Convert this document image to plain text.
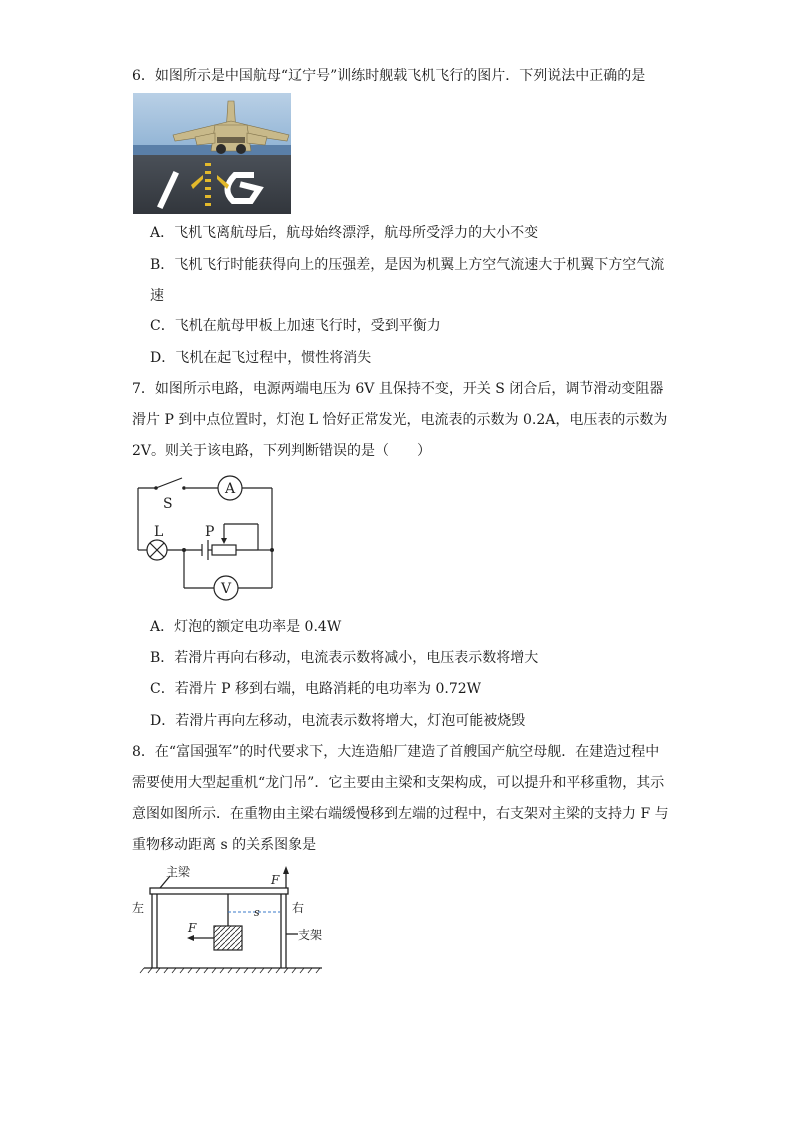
6．如图所示是中国航母“辽宁号”训练时舰载飞机飞行的图片．下列说法中正确的是
A．飞机飞离航母后，航母始终漂浮，航母所受浮力的大小不变
B．飞机飞行时能获得向上的压强差，是因为机翼上方空气流速大于机翼下方空气流
速
C．飞机在航母甲板上加速飞行时，受到平衡力
D．飞机在起飞过程中，惯性将消失
7．如图所示电路，电源两端电压为 6V 且保持不变，开关 S 闭合后，调节滑动变阻器
滑片 P 到中点位置时，灯泡 L 恰好正常发光，电流表的示数为 0.2A，电压表的示数为
2V。则关于该电路，下列判断错误的是（　　）
A
V
S
L	P
A．灯泡的额定电功率是 0.4W
B．若滑片再向右移动，电流表示数将减小，电压表示数将增大
C．若滑片 P 移到右端，电路消耗的电功率为 0.72W
D．若滑片再向左移动，电流表示数将增大，灯泡可能被烧毁
8．在“富国强军”的时代要求下，大连造船厂建造了首艘国产航空母舰．在建造过程中
需要使用大型起重机“龙门吊”．它主要由主梁和支架构成，可以提升和平移重物，其示
意图如图所示．在重物由主梁右端缓慢移到左端的过程中，右支架对主梁的支持力 F 与
重物移动距离 s 的关系图象是
主梁
左	右
支架
F
F
s
